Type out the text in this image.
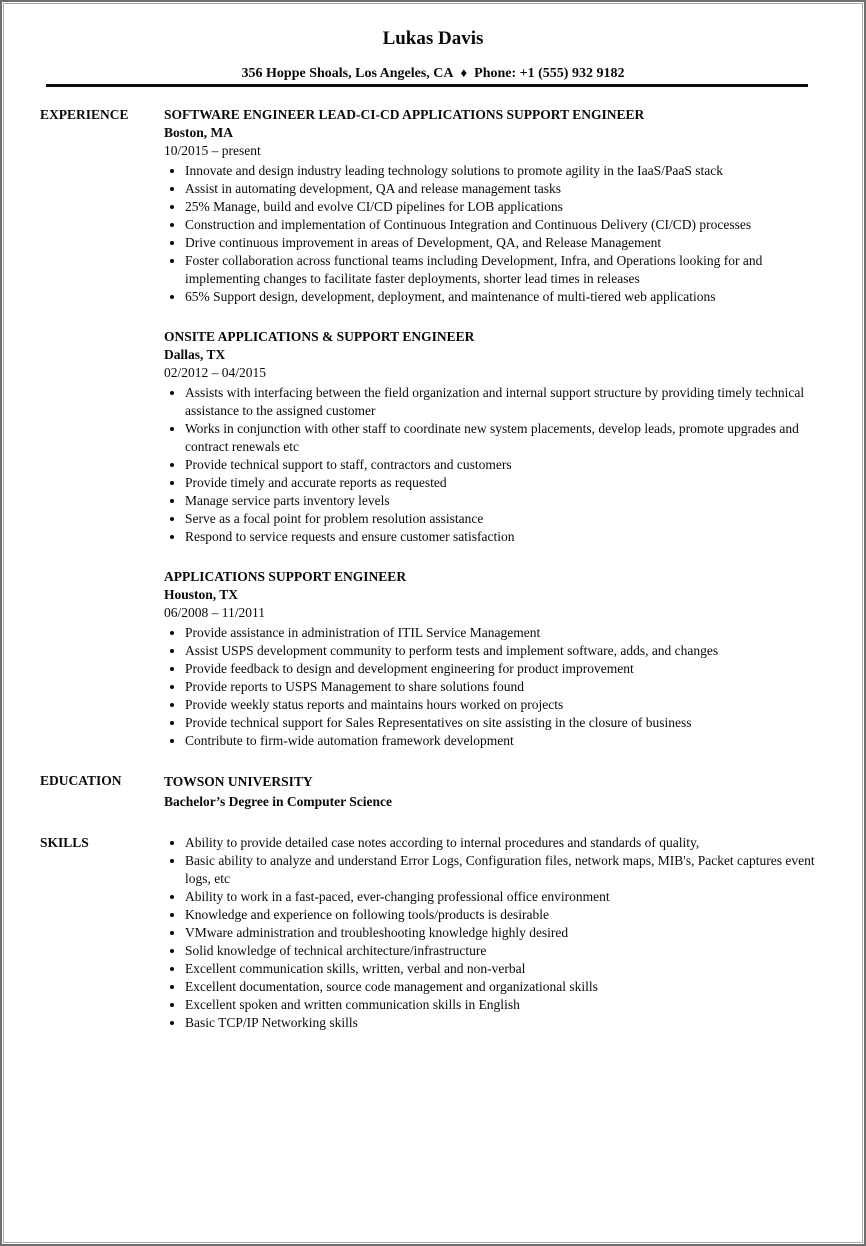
Lukas Davis
356 Hoppe Shoals, Los Angeles, CA ♦ Phone: +1 (555) 932 9182
EXPERIENCE	SOFTWARE ENGINEER LEAD-CI-CD APPLICATIONS SUPPORT ENGINEER
Boston, MA
10/2015 – present
• Innovate and design industry leading technology solutions to promote agility in the IaaS/PaaS stack
• Assist in automating development, QA and release management tasks
• 25% Manage, build and evolve CI/CD pipelines for LOB applications
• Construction and implementation of Continuous Integration and Continuous Delivery (CI/CD) processes
• Drive continuous improvement in areas of Development, QA, and Release Management
• Foster collaboration across functional teams including Development, Infra, and Operations looking for and implementing changes to facilitate faster deployments, shorter lead times in releases
• 65% Support design, development, deployment, and maintenance of multi-tiered web applications
ONSITE APPLICATIONS & SUPPORT ENGINEER
Dallas, TX
02/2012 – 04/2015
• Assists with interfacing between the field organization and internal support structure by providing timely technical assistance to the assigned customer
• Works in conjunction with other staff to coordinate new system placements, develop leads, promote upgrades and contract renewals etc
• Provide technical support to staff, contractors and customers
• Provide timely and accurate reports as requested
• Manage service parts inventory levels
• Serve as a focal point for problem resolution assistance
• Respond to service requests and ensure customer satisfaction
APPLICATIONS SUPPORT ENGINEER
Houston, TX
06/2008 – 11/2011
• Provide assistance in administration of ITIL Service Management
• Assist USPS development community to perform tests and implement software, adds, and changes
• Provide feedback to design and development engineering for product improvement
• Provide reports to USPS Management to share solutions found
• Provide weekly status reports and maintains hours worked on projects
• Provide technical support for Sales Representatives on site assisting in the closure of business
• Contribute to firm-wide automation framework development
EDUCATION	TOWSON UNIVERSITY
Bachelor’s Degree in Computer Science
SKILLS	• Ability to provide detailed case notes according to internal procedures and standards of quality,
• Basic ability to analyze and understand Error Logs, Configuration files, network maps, MIB's, Packet captures event logs, etc
• Ability to work in a fast-paced, ever-changing professional office environment
• Knowledge and experience on following tools/products is desirable
• VMware administration and troubleshooting knowledge highly desired
• Solid knowledge of technical architecture/infrastructure
• Excellent communication skills, written, verbal and non-verbal
• Excellent documentation, source code management and organizational skills
• Excellent spoken and written communication skills in English
• Basic TCP/IP Networking skills
